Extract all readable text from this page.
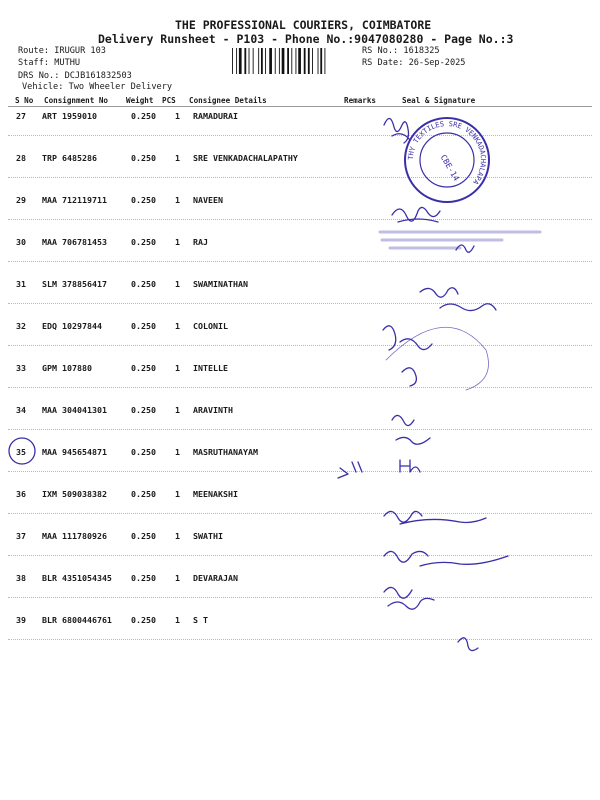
THE PROFESSIONAL COURIERS, COIMBATORE
Delivery Runsheet - P103 - Phone No.:9047080280 - Page No.:3
Route: IRUGUR 103
Staff: MUTHU
DRS No.: DCJB161832503
Vehicle: Two Wheeler Delivery
RS No.: 1618325
RS Date: 26-Sep-2025
S No Consignment No Weight PCS Consignee Details	Remarks	Seal & Signature
27 ART 1959010	0.250 1 RAMADURAI
28 TRP 6485286	0.250 1 SRE VENKADACHALAPATHY
29 MAA 712119711	0.250 1 NAVEEN
30 MAA 706781453	0.250 1 RAJ
31 SLM 378856417	0.250 1 SWAMINATHAN
32 EDQ 10297844	0.250 1 COLONIL
33 GPM 107880	0.250 1 INTELLE
34 MAA 304041301	0.250 1 ARAVINTH
35 MAA 945654871	0.250 1 MASRUTHANAYAM
36 IXM 509038382	0.250 1 MEENAKSHI
37 MAA 111780926	0.250 1 SWATHI
38 BLR 4351054345 0.250 1 DEVARAJAN
39 BLR 6800446761 0.250 1 S T
THY TEXTILES SRE VENKADACHALAPA
CBE-14
